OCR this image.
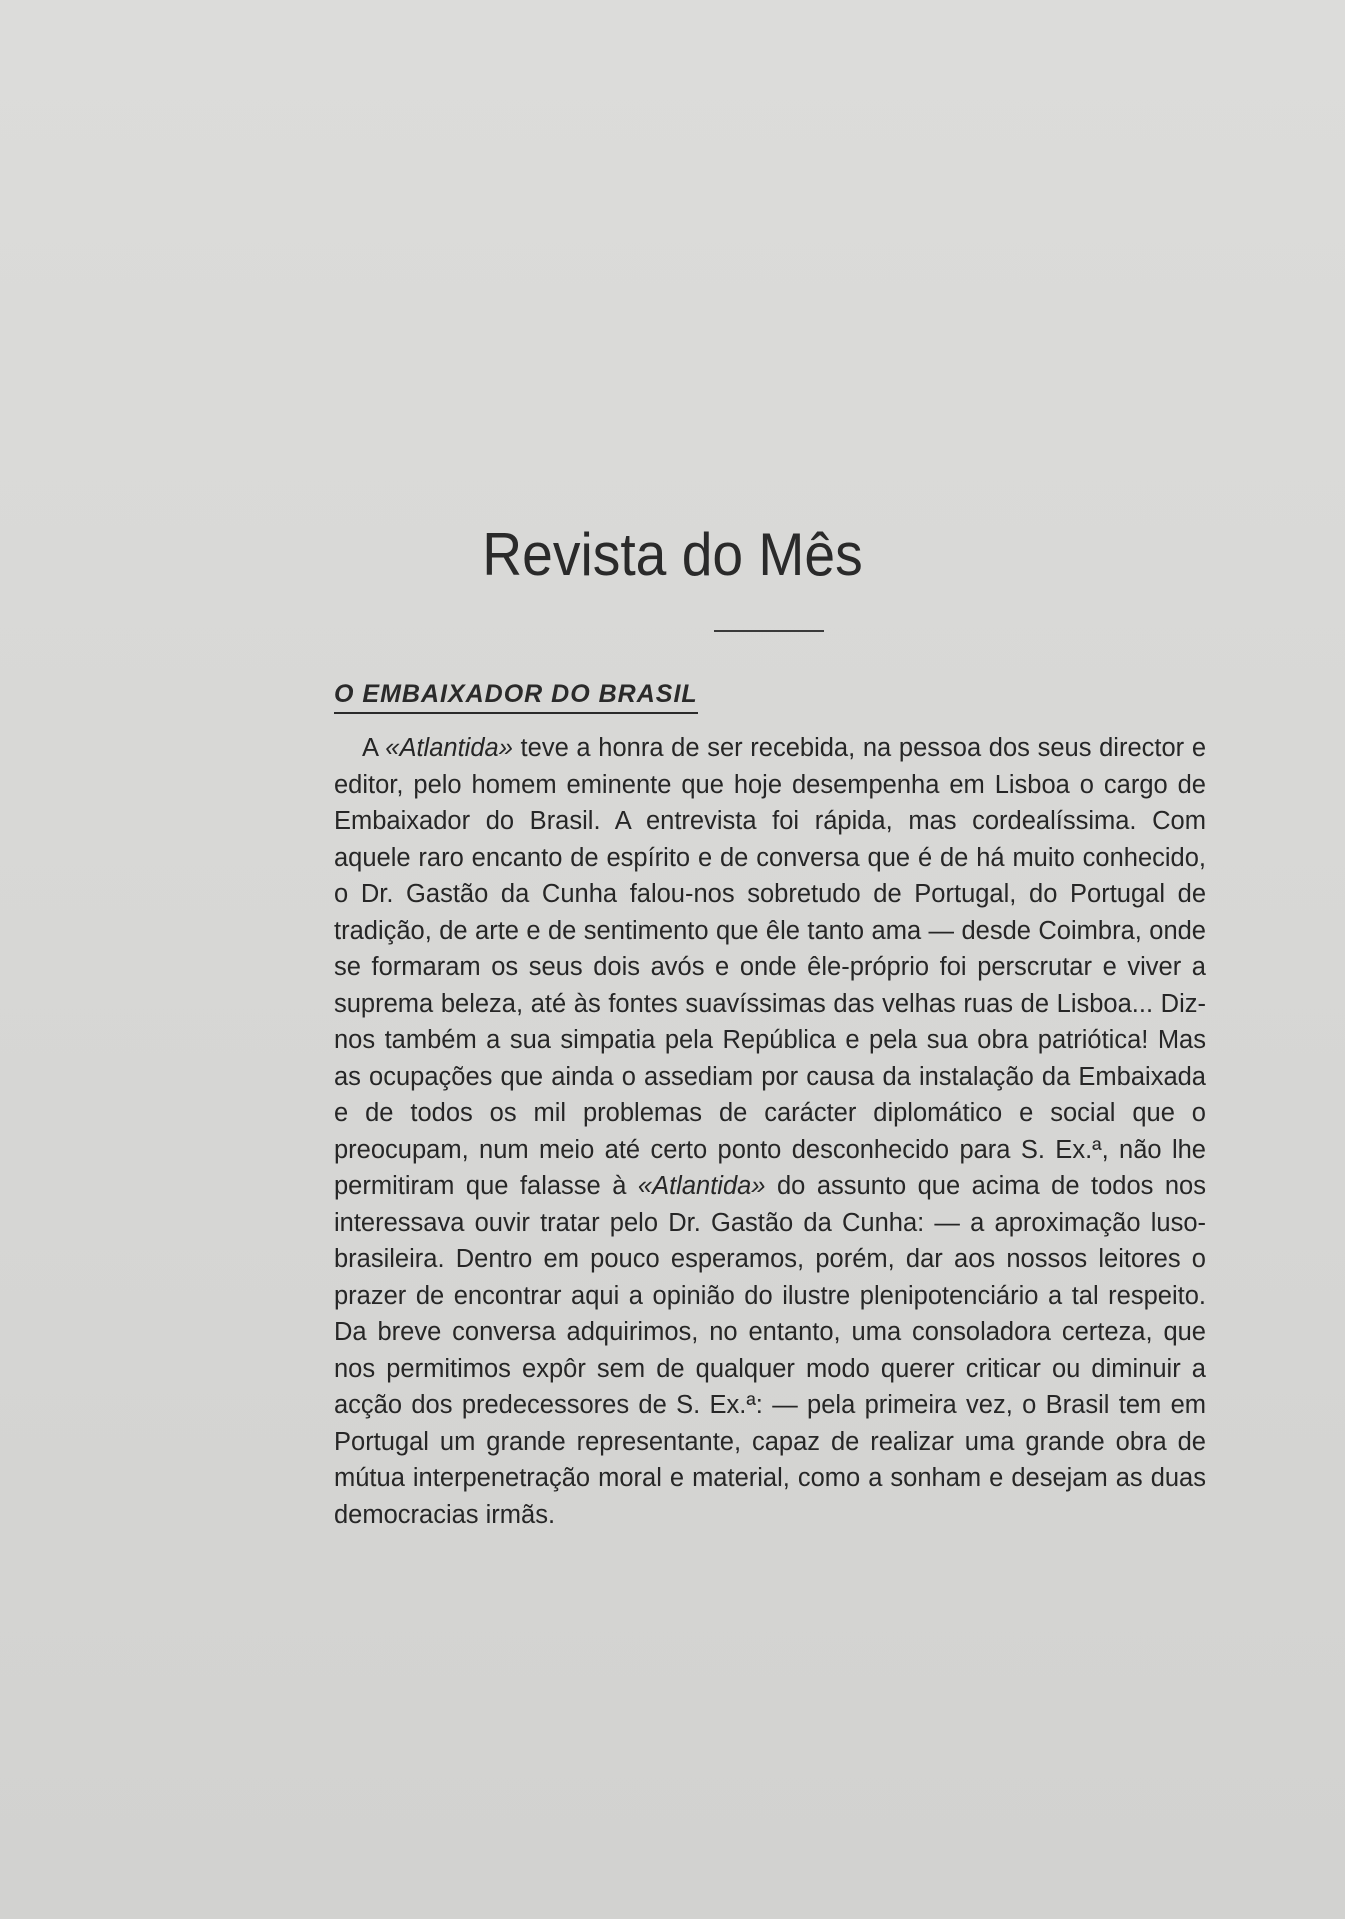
Revista do Mês
O EMBAIXADOR DO BRASIL

A «Atlantida» teve a honra de ser recebida, na pessoa dos seus director e editor, pelo homem eminente que hoje desempenha em Lisboa o cargo de Embaixador do Brasil. A entrevista foi rápida, mas cordealíssima. Com aquele raro encanto de espírito e de conversa que é de há muito conhecido, o Dr. Gastão da Cunha falou-nos sobretudo de Portugal, do Portugal de tradição, de arte e de sentimento que êle tanto ama — desde Coimbra, onde se formaram os seus dois avós e onde êle-próprio foi perscrutar e viver a suprema beleza, até às fontes suavíssimas das velhas ruas de Lisboa... Diz-nos também a sua simpatia pela República e pela sua obra patriótica! Mas as ocupações que ainda o assediam por causa da instalação da Embaixada e de todos os mil problemas de carácter diplomático e social que o preocupam, num meio até certo ponto desconhecido para S. Ex.ª, não lhe permitiram que falasse à «Atlantida» do assunto que acima de todos nos interessava ouvir tratar pelo Dr. Gastão da Cunha: — a aproximação luso-brasileira. Dentro em pouco esperamos, porém, dar aos nossos leitores o prazer de encontrar aqui a opinião do ilustre plenipotenciário a tal respeito. Da breve conversa adquirimos, no entanto, uma consoladora certeza, que nos permitimos expôr sem de qualquer modo querer criticar ou diminuir a acção dos predecessores de S. Ex.ª: — pela primeira vez, o Brasil tem em Portugal um grande representante, capaz de realizar uma grande obra de mútua interpenetração moral e material, como a sonham e desejam as duas democracias irmãs.
